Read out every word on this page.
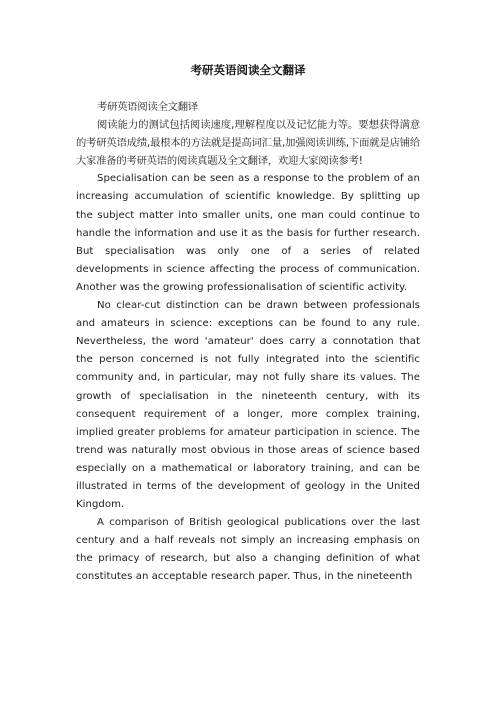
考研英语阅读全文翻译

考研英语阅读全文翻译

阅读能力的测试包括阅读速度,理解程度以及记忆能力等。要想获得满意的考研英语成绩,最根本的方法就是提高词汇量,加强阅读训练,下面就是店铺给大家准备的考研英语的阅读真题及全文翻译，欢迎大家阅读参考!

Specialisation can be seen as a response to the problem of an increasing accumulation of scientific knowledge. By splitting up the subject matter into smaller units, one man could continue to handle the information and use it as the basis for further research. But specialisation was only one of a series of related developments in science affecting the process of communication. Another was the growing professionalisation of scientific activity.

No clear-cut distinction can be drawn between professionals and amateurs in science: exceptions can be found to any rule. Nevertheless, the word 'amateur' does carry a connotation that the person concerned is not fully integrated into the scientific community and, in particular, may not fully share its values. The growth of specialisation in the nineteenth century, with its consequent requirement of a longer, more complex training, implied greater problems for amateur participation in science. The trend was naturally most obvious in those areas of science based especially on a mathematical or laboratory training, and can be illustrated in terms of the development of geology in the United Kingdom.

A comparison of British geological publications over the last century and a half reveals not simply an increasing emphasis on the primacy of research, but also a changing definition of what constitutes an acceptable research paper. Thus, in the nineteenth
